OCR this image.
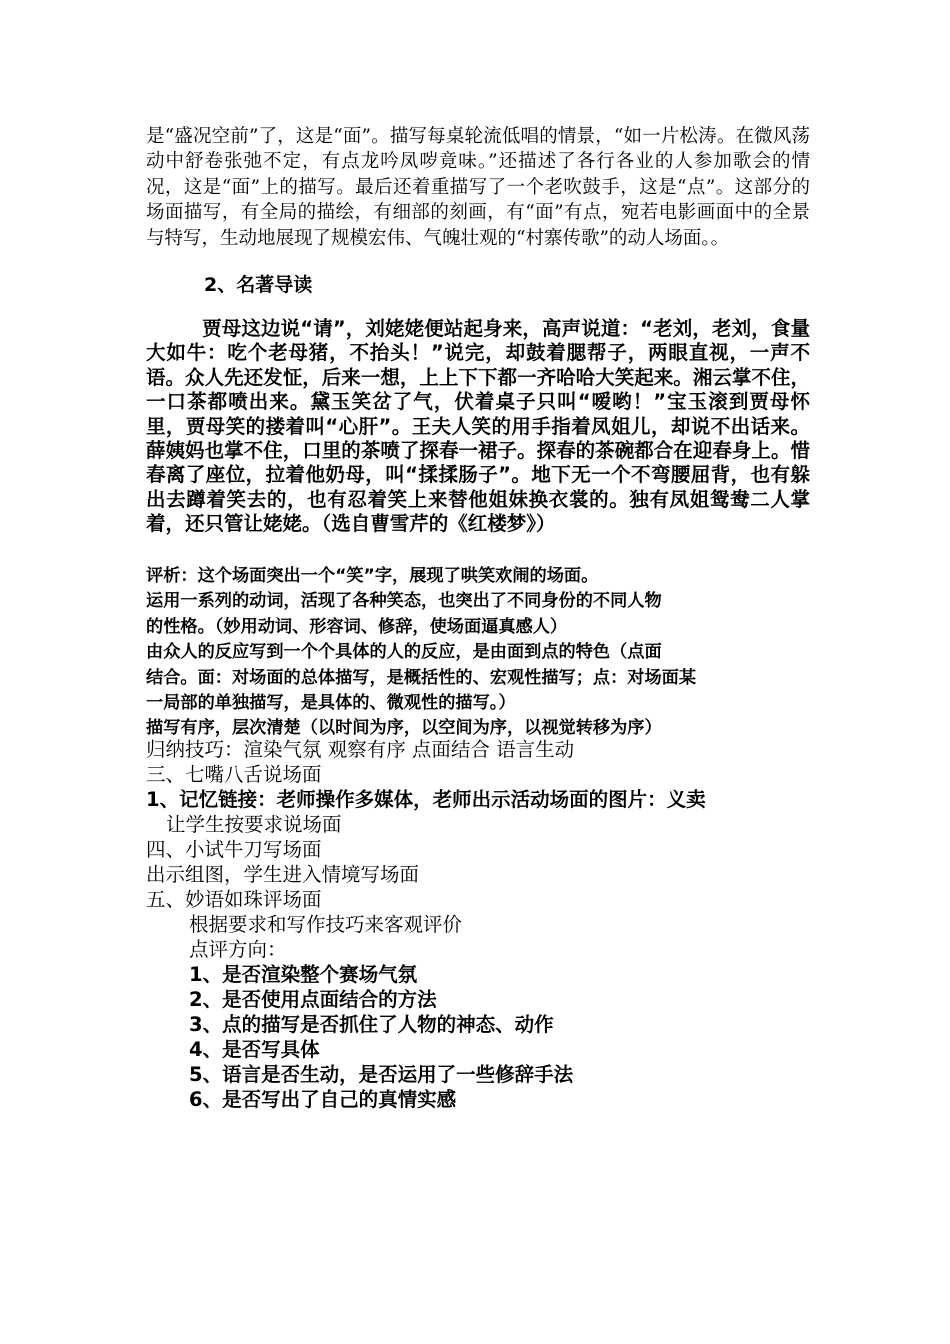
是“盛况空前”了，这是“面”。描写每桌轮流低唱的情景，“如一片松涛。在微风荡动中舒卷张弛不定，有点龙吟凤哕竟味。”还描述了各行各业的人参加歌会的情况，这是“面”上的描写。最后还着重描写了一个老吹鼓手，这是“点”。这部分的场面描写，有全局的描绘，有细部的刻画，有“面”有点，宛若电影画面中的全景与特写，生动地展现了规模宏伟、气魄壮观的“村寨传歌”的动人场面。。

2、名著导读

贾母这边说“请”，刘姥姥便站起身来，高声说道：“老刘，老刘，食量大如牛：吃个老母猪，不抬头！”说完，却鼓着腮帮子，两眼直视，一声不语。众人先还发怔，后来一想，上上下下都一齐哈哈大笑起来。湘云掌不住，一口茶都喷出来。黛玉笑岔了气，伏着桌子只叫“嗳哟！”宝玉滚到贾母怀里，贾母笑的搂着叫“心肝”。王夫人笑的用手指着凤姐儿，却说不出话来。薛姨妈也掌不住，口里的茶喷了探春一裙子。探春的茶碗都合在迎春身上。惜春离了座位，拉着他奶母，叫“揉揉肠子”。地下无一个不弯腰屈背，也有躲出去蹲着笑去的，也有忍着笑上来替他姐妹换衣裳的。独有凤姐鸳鸯二人掌着，还只管让姥姥。（选自曹雪芹的《红楼梦》）

评析：这个场面突出一个“笑”字，展现了哄笑欢闹的场面。
运用一系列的动词，活现了各种笑态，也突出了不同身份的不同人物
的性格。（妙用动词、形容词、修辞，使场面逼真感人）
由众人的反应写到一个个具体的人的反应，是由面到点的特色（点面
结合。面：对场面的总体描写，是概括性的、宏观性描写；点：对场面某
一局部的单独描写，是具体的、微观性的描写。）
描写有序，层次清楚（以时间为序，以空间为序，以视觉转移为序）
归纳技巧：渲染气氛 观察有序 点面结合 语言生动
三、七嘴八舌说场面
1、记忆链接：老师操作多媒体，老师出示活动场面的图片：义卖
让学生按要求说场面
四、小试牛刀写场面
出示组图，学生进入情境写场面
五、妙语如珠评场面
根据要求和写作技巧来客观评价
点评方向：
1、是否渲染整个赛场气氛
2、是否使用点面结合的方法
3、点的描写是否抓住了人物的神态、动作
4、是否写具体
5、语言是否生动，是否运用了一些修辞手法
6、是否写出了自己的真情实感
